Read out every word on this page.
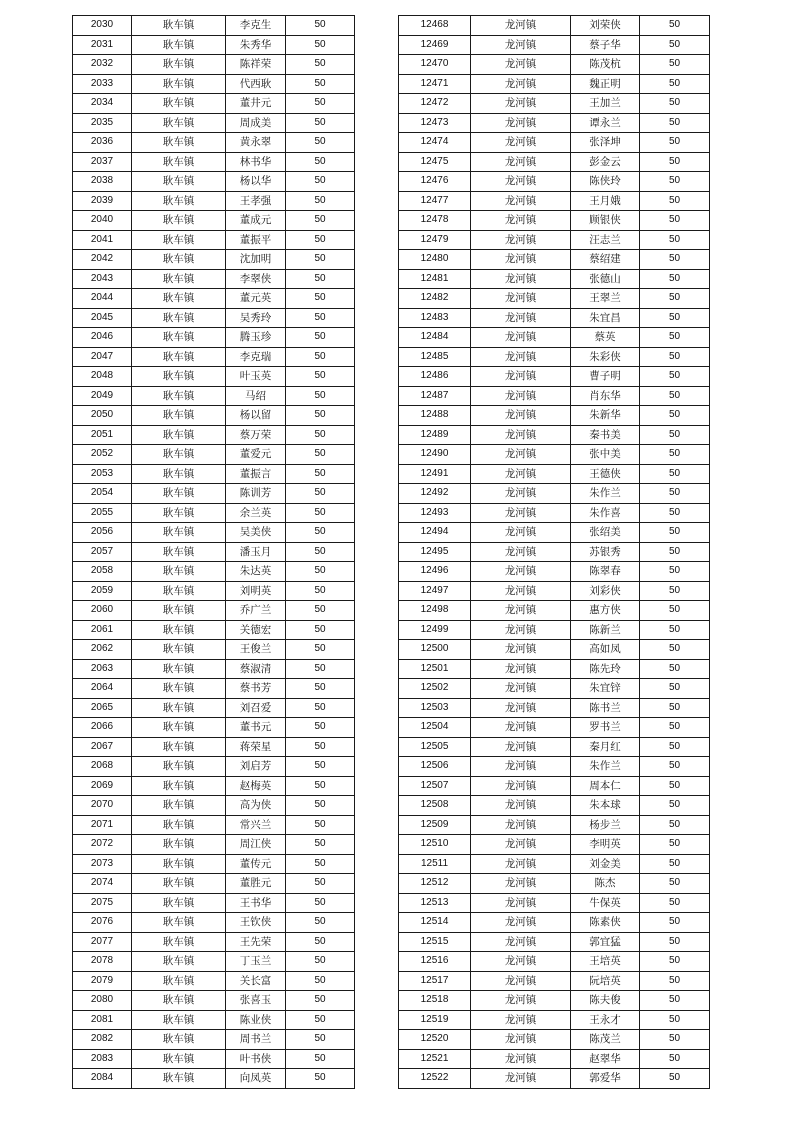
2030	耿车镇	李克生	50
2031	耿车镇	朱秀华	50
2032	耿车镇	陈祥荣	50
2033	耿车镇	代西耿	50
2034	耿车镇	董井元	50
2035	耿车镇	周成美	50
2036	耿车镇	黄永翠	50
2037	耿车镇	林书华	50
2038	耿车镇	杨以华	50
2039	耿车镇	王孝强	50
2040	耿车镇	董成元	50
2041	耿车镇	董振平	50
2042	耿车镇	沈加明	50
2043	耿车镇	李翠侠	50
2044	耿车镇	董元英	50
2045	耿车镇	吴秀玲	50
2046	耿车镇	腾玉珍	50
2047	耿车镇	李克瑞	50
2048	耿车镇	叶玉英	50
2049	耿车镇	马绍	50
2050	耿车镇	杨以留	50
2051	耿车镇	蔡万荣	50
2052	耿车镇	董爱元	50
2053	耿车镇	董振言	50
2054	耿车镇	陈训芳	50
2055	耿车镇	余兰英	50
2056	耿车镇	吴美侠	50
2057	耿车镇	潘玉月	50
2058	耿车镇	朱达英	50
2059	耿车镇	刘明英	50
2060	耿车镇	乔广兰	50
2061	耿车镇	关德宏	50
2062	耿车镇	王俊兰	50
2063	耿车镇	蔡淑清	50
2064	耿车镇	蔡书芳	50
2065	耿车镇	刘召爱	50
2066	耿车镇	董书元	50
2067	耿车镇	蒋荣星	50
2068	耿车镇	刘启芳	50
2069	耿车镇	赵梅英	50
2070	耿车镇	高为侠	50
2071	耿车镇	常兴兰	50
2072	耿车镇	周江侠	50
2073	耿车镇	董传元	50
2074	耿车镇	董胜元	50
2075	耿车镇	王书华	50
2076	耿车镇	王钦侠	50
2077	耿车镇	王先荣	50
2078	耿车镇	丁玉兰	50
2079	耿车镇	关长富	50
2080	耿车镇	张喜玉	50
2081	耿车镇	陈业侠	50
2082	耿车镇	周书兰	50
2083	耿车镇	叶书侠	50
2084	耿车镇	向凤英	50
12468	龙河镇	刘荣侠	50
12469	龙河镇	蔡子华	50
12470	龙河镇	陈茂杭	50
12471	龙河镇	魏正明	50
12472	龙河镇	王加兰	50
12473	龙河镇	谭永兰	50
12474	龙河镇	张泽坤	50
12475	龙河镇	彭金云	50
12476	龙河镇	陈侠玲	50
12477	龙河镇	王月娥	50
12478	龙河镇	顾银侠	50
12479	龙河镇	汪志兰	50
12480	龙河镇	蔡绍建	50
12481	龙河镇	张德山	50
12482	龙河镇	王翠兰	50
12483	龙河镇	朱宜昌	50
12484	龙河镇	蔡英	50
12485	龙河镇	朱彩侠	50
12486	龙河镇	曹子明	50
12487	龙河镇	肖东华	50
12488	龙河镇	朱新华	50
12489	龙河镇	秦书美	50
12490	龙河镇	张中美	50
12491	龙河镇	王德侠	50
12492	龙河镇	朱作兰	50
12493	龙河镇	朱作喜	50
12494	龙河镇	张绍美	50
12495	龙河镇	苏银秀	50
12496	龙河镇	陈翠春	50
12497	龙河镇	刘彩侠	50
12498	龙河镇	惠方侠	50
12499	龙河镇	陈新兰	50
12500	龙河镇	高如凤	50
12501	龙河镇	陈先玲	50
12502	龙河镇	朱宜锌	50
12503	龙河镇	陈书兰	50
12504	龙河镇	罗书兰	50
12505	龙河镇	秦月红	50
12506	龙河镇	朱作兰	50
12507	龙河镇	周本仁	50
12508	龙河镇	朱本球	50
12509	龙河镇	杨步兰	50
12510	龙河镇	李明英	50
12511	龙河镇	刘金美	50
12512	龙河镇	陈杰	50
12513	龙河镇	牛保英	50
12514	龙河镇	陈素侠	50
12515	龙河镇	郭宜猛	50
12516	龙河镇	王培英	50
12517	龙河镇	阮培英	50
12518	龙河镇	陈夫俊	50
12519	龙河镇	王永才	50
12520	龙河镇	陈茂兰	50
12521	龙河镇	赵翠华	50
12522	龙河镇	郭爱华	50
